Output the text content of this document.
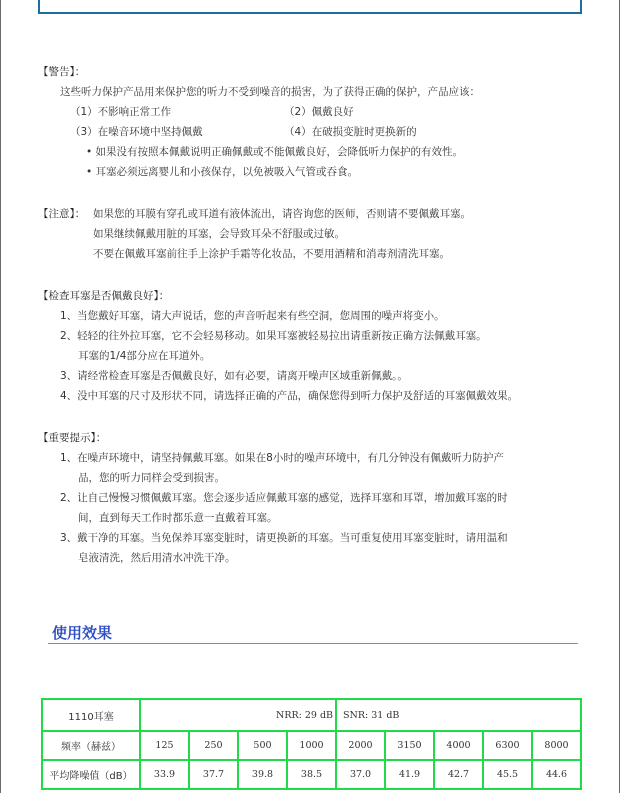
【警告】：
这些听力保护产品用来保护您的听力不受到噪音的损害，为了获得正确的保护，产品应该：
（1）不影响正常工作	（2）佩戴良好
（3）在噪音环境中坚持佩戴	（4）在破损变脏时更换新的
• 如果没有按照本佩戴说明正确佩戴或不能佩戴良好，会降低听力保护的有效性。
• 耳塞必须远离婴儿和小孩保存，以免被吸入气管或吞食。
【注意】： 如果您的耳膜有穿孔或耳道有液体流出，请咨询您的医师，否则请不要佩戴耳塞。
如果继续佩戴用脏的耳塞，会导致耳朵不舒服或过敏。
不要在佩戴耳塞前往手上涂护手霜等化妆品，不要用酒精和消毒剂清洗耳塞。
【检查耳塞是否佩戴良好】：
1、当您戴好耳塞，请大声说话，您的声音听起来有些空洞，您周围的噪声将变小。
2、轻轻的往外拉耳塞，它不会轻易移动。如果耳塞被轻易拉出请重新按正确方法佩戴耳塞。
耳塞的1/4部分应在耳道外。
3、请经常检查耳塞是否佩戴良好，如有必要，请离开噪声区域重新佩戴。。
4、没中耳塞的尺寸及形状不同，请选择正确的产品，确保您得到听力保护及舒适的耳塞佩戴效果。
【重要提示】：
1、在噪声环境中，请坚持佩戴耳塞。如果在8小时的噪声环境中，有几分钟没有佩戴听力防护产
品，您的听力同样会受到损害。
2、让自己慢慢习惯佩戴耳塞。您会逐步适应佩戴耳塞的感觉，选择耳塞和耳罩，增加戴耳塞的时
间，直到每天工作时都乐意一直戴着耳塞。
3、戴干净的耳塞。当免保养耳塞变脏时，请更换新的耳塞。当可重复使用耳塞变脏时，请用温和
皂液清洗，然后用清水冲洗干净。
使用效果
1110耳塞	NRR: 29 dB				SNR: 31 dB				
频率（赫兹）	125	250	500	1000	2000	3150	4000	6300	8000
平均降噪值（dB）	33.9	37.7	39.8	38.5	37.0	41.9	42.7	45.5	44.6
